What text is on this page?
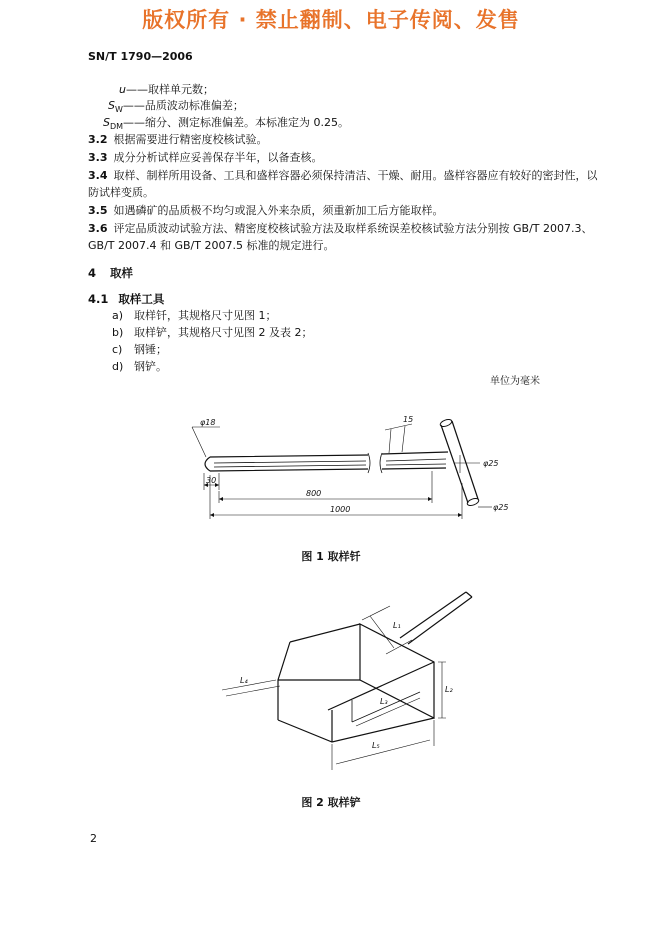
版权所有 · 禁止翻制、电子传阅、发售
SN/T 1790—2006
u——取样单元数；
$S_W——$品质波动标准偏差；
$S_{DM}——$缩分、测定标准偏差。本标准定为 0.25。
3.2 根据需要进行精密度校核试验。
3.3 成分分析试样应妥善保存半年，以备查核。
3.4 取样、制样所用设备、工具和盛样容器必须保持清洁、干燥、耐用。盛样容器应有较好的密封性，以
防试样变质。
3.5 如遇磷矿的品质极不均匀或混入外来杂质，须重新加工后方能取样。
3.6 评定品质波动试验方法、精密度校核试验方法及取样系统误差校核试验方法分别按 GB/T 2007.3、
GB/T 2007.4 和 GB/T 2007.5 标准的规定进行。
4 取样
4.1 取样工具
a) 取样钎，其规格尺寸见图 1；
b) 取样铲，其规格尺寸见图 2 及表 2；
c) 钢锤；
d) 钢铲。
单位为毫米
φ18	15
φ25
30
800
1000	φ25
图 1 取样钎
L₁
L₂
L₃
L₄
L₅
图 2 取样铲
2
